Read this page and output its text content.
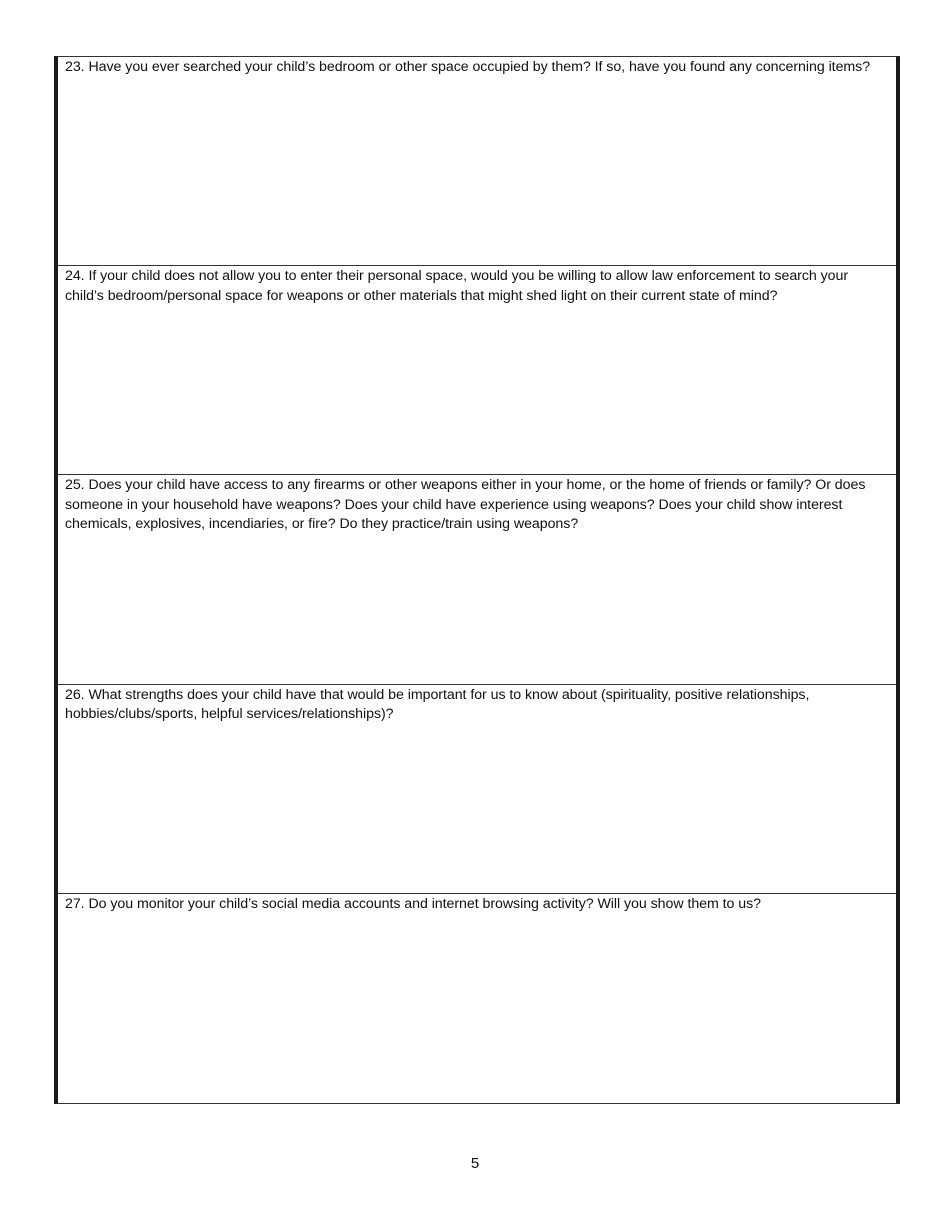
23. Have you ever searched your child’s bedroom or other space occupied by them? If so, have you found any concerning items?

24. If your child does not allow you to enter their personal space, would you be willing to allow law enforcement to search your child’s bedroom/personal space for weapons or other materials that might shed light on their current state of mind?

25. Does your child have access to any firearms or other weapons either in your home, or the home of friends or family? Or does someone in your household have weapons? Does your child have experience using weapons? Does your child show interest chemicals, explosives, incendiaries, or fire? Do they practice/train using weapons?

26. What strengths does your child have that would be important for us to know about (spirituality, positive relationships, hobbies/clubs/sports, helpful services/relationships)?

27. Do you monitor your child’s social media accounts and internet browsing activity? Will you show them to us?

5
